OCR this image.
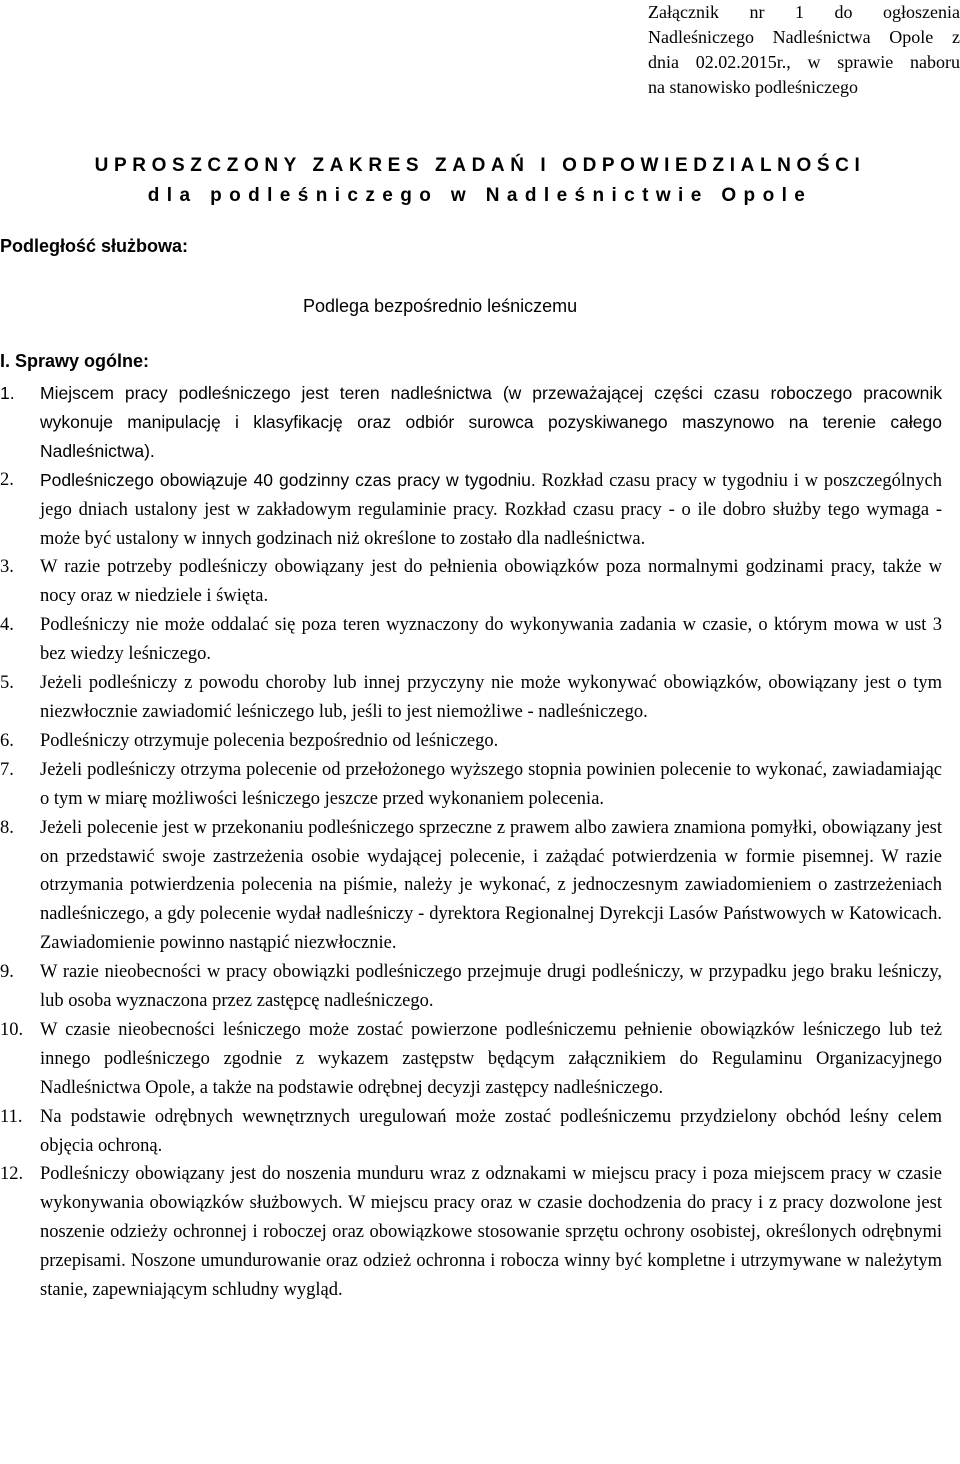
Załącznik nr 1 do ogłoszenia
Nadleśniczego Nadleśnictwa Opole z
dnia 02.02.2015r., w sprawie naboru
na stanowisko podleśniczego
UPROSZCZONY ZAKRES ZADAŃ I ODPOWIEDZIALNOŚCI
dla podleśniczego w Nadleśnictwie Opole
Podległość służbowa:
Podlega bezpośrednio leśniczemu
I. Sprawy ogólne:
1. Miejscem pracy podleśniczego jest teren nadleśnictwa (w przeważającej części czasu roboczego pracownik wykonuje manipulację i klasyfikację oraz odbiór surowca pozyskiwanego maszynowo na terenie całego Nadleśnictwa).
2. Podleśniczego obowiązuje 40 godzinny czas pracy w tygodniu. Rozkład czasu pracy w tygodniu i w poszczególnych jego dniach ustalony jest w zakładowym regulaminie pracy. Rozkład czasu pracy - o ile dobro służby tego wymaga - może być ustalony w innych godzinach niż określone to zostało dla nadleśnictwa.
3. W razie potrzeby podleśniczy obowiązany jest do pełnienia obowiązków poza normalnymi godzinami pracy, także w nocy oraz w niedziele i święta.
4. Podleśniczy nie może oddalać się poza teren wyznaczony do wykonywania zadania w czasie, o którym mowa w ust 3 bez wiedzy leśniczego.
5. Jeżeli podleśniczy z powodu choroby lub innej przyczyny nie może wykonywać obowiązków, obowiązany jest o tym niezwłocznie zawiadomić leśniczego lub, jeśli to jest niemożliwe - nadleśniczego.
6. Podleśniczy otrzymuje polecenia bezpośrednio od leśniczego.
7. Jeżeli podleśniczy otrzyma polecenie od przełożonego wyższego stopnia powinien polecenie to wykonać, zawiadamiając o tym w miarę możliwości leśniczego jeszcze przed wykonaniem polecenia.
8. Jeżeli polecenie jest w przekonaniu podleśniczego sprzeczne z prawem albo zawiera znamiona pomyłki, obowiązany jest on przedstawić swoje zastrzeżenia osobie wydającej polecenie, i zażądać potwierdzenia w formie pisemnej. W razie otrzymania potwierdzenia polecenia na piśmie, należy je wykonać, z jednoczesnym zawiadomieniem o zastrzeżeniach nadleśniczego, a gdy polecenie wydał nadleśniczy - dyrektora Regionalnej Dyrekcji Lasów Państwowych w Katowicach. Zawiadomienie powinno nastąpić niezwłocznie.
9. W razie nieobecności w pracy obowiązki podleśniczego przejmuje drugi podleśniczy, w przypadku jego braku leśniczy, lub osoba wyznaczona przez zastępcę nadleśniczego.
10. W czasie nieobecności leśniczego może zostać powierzone podleśniczemu pełnienie obowiązków leśniczego lub też innego podleśniczego zgodnie z wykazem zastępstw będącym załącznikiem do Regulaminu Organizacyjnego Nadleśnictwa Opole, a także na podstawie odrębnej decyzji zastępcy nadleśniczego.
11. Na podstawie odrębnych wewnętrznych uregulowań może zostać podleśniczemu przydzielony obchód leśny celem objęcia ochroną.
12. Podleśniczy obowiązany jest do noszenia munduru wraz z odznakami w miejscu pracy i poza miejscem pracy w czasie wykonywania obowiązków służbowych. W miejscu pracy oraz w czasie dochodzenia do pracy i z pracy dozwolone jest noszenie odzieży ochronnej i roboczej oraz obowiązkowe stosowanie sprzętu ochrony osobistej, określonych odrębnymi przepisami. Noszone umundurowanie oraz odzież ochronna i robocza winny być kompletne i utrzymywane w należytym stanie, zapewniającym schludny wygląd.
